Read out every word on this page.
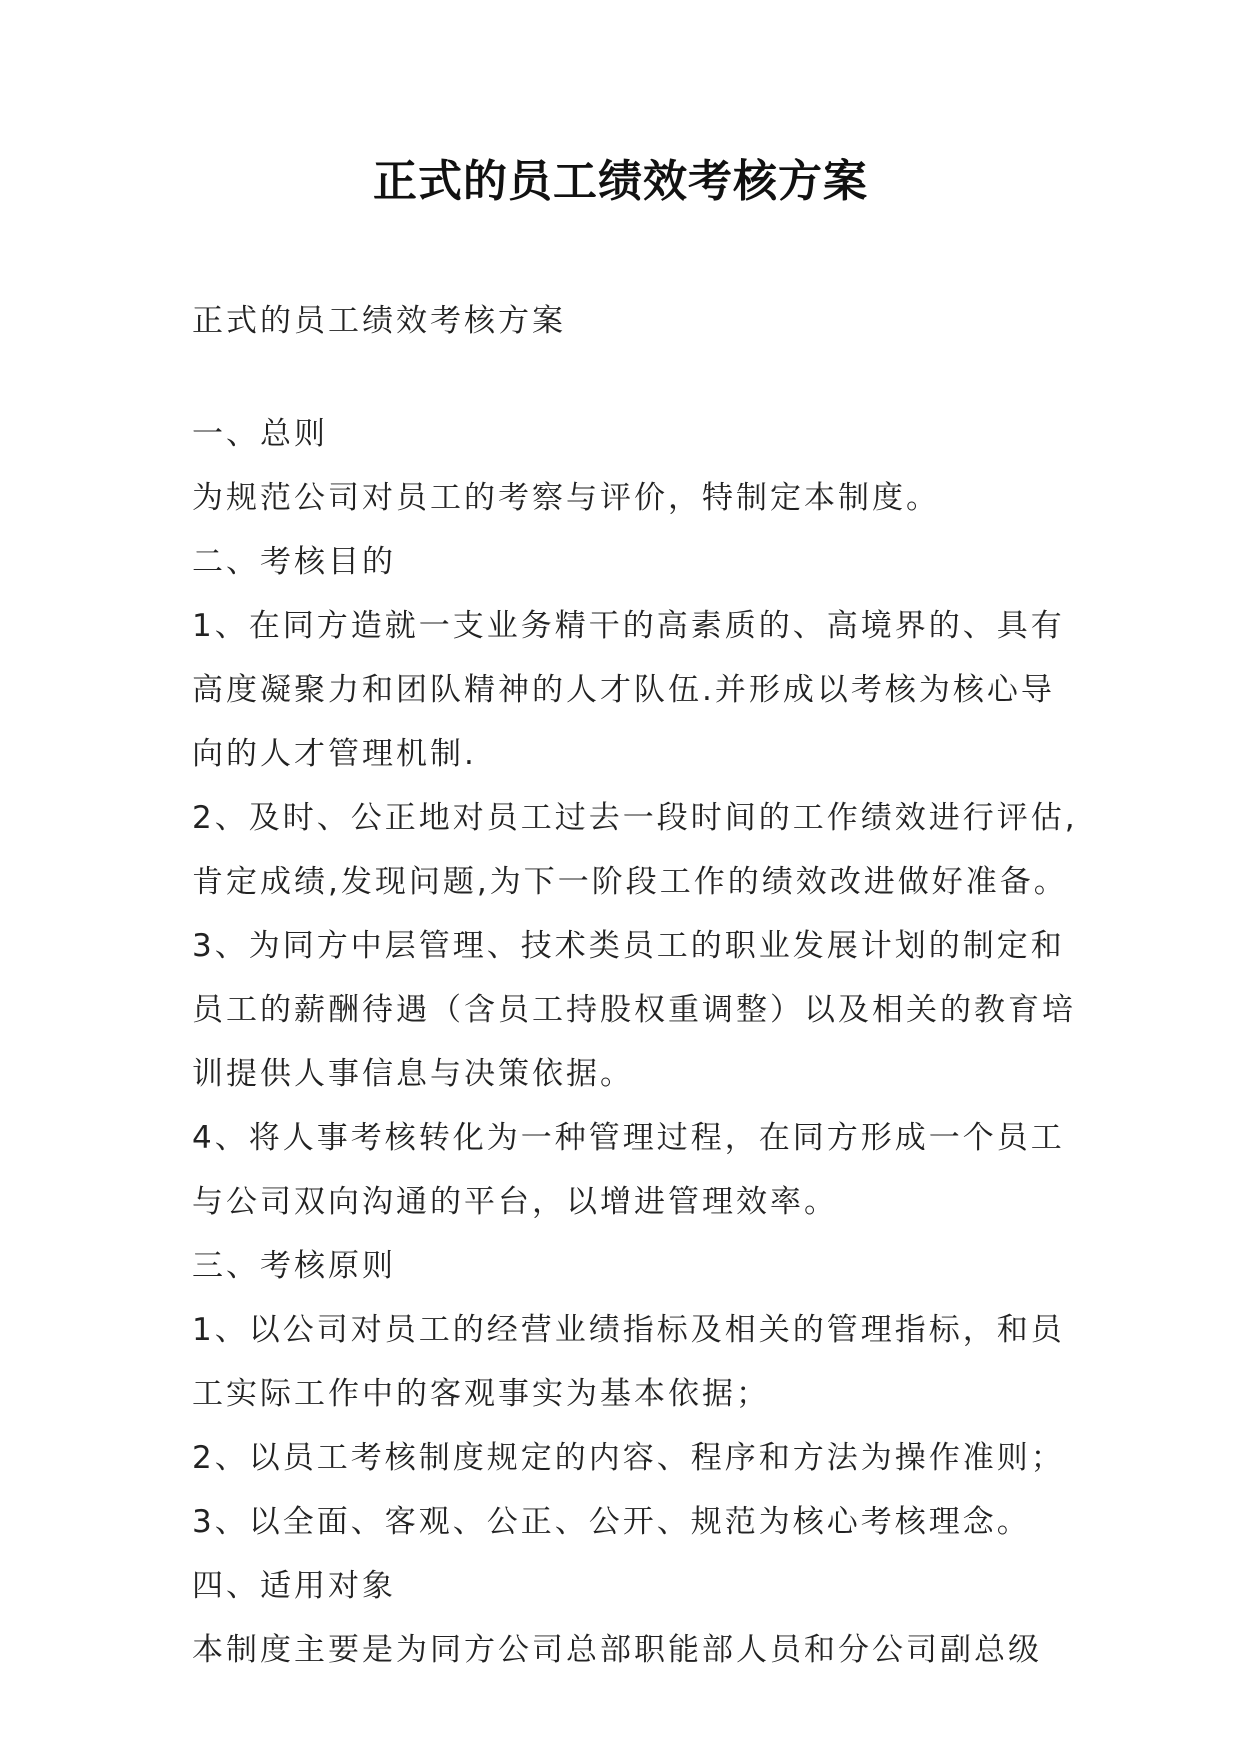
正式的员工绩效考核方案
正式的员工绩效考核方案
一、总则
为规范公司对员工的考察与评价，特制定本制度。
二、考核目的
1、在同方造就一支业务精干的高素质的、高境界的、具有
高度凝聚力和团队精神的人才队伍.并形成以考核为核心导
向的人才管理机制.
2、及时、公正地对员工过去一段时间的工作绩效进行评估,
肯定成绩,发现问题,为下一阶段工作的绩效改进做好准备。
3、为同方中层管理、技术类员工的职业发展计划的制定和
员工的薪酬待遇（含员工持股权重调整）以及相关的教育培
训提供人事信息与决策依据。
4、将人事考核转化为一种管理过程，在同方形成一个员工
与公司双向沟通的平台，以增进管理效率。
三、考核原则
1、以公司对员工的经营业绩指标及相关的管理指标，和员
工实际工作中的客观事实为基本依据；
2、以员工考核制度规定的内容、程序和方法为操作准则；
3、以全面、客观、公正、公开、规范为核心考核理念。
四、适用对象
本制度主要是为同方公司总部职能部人员和分公司副总级
